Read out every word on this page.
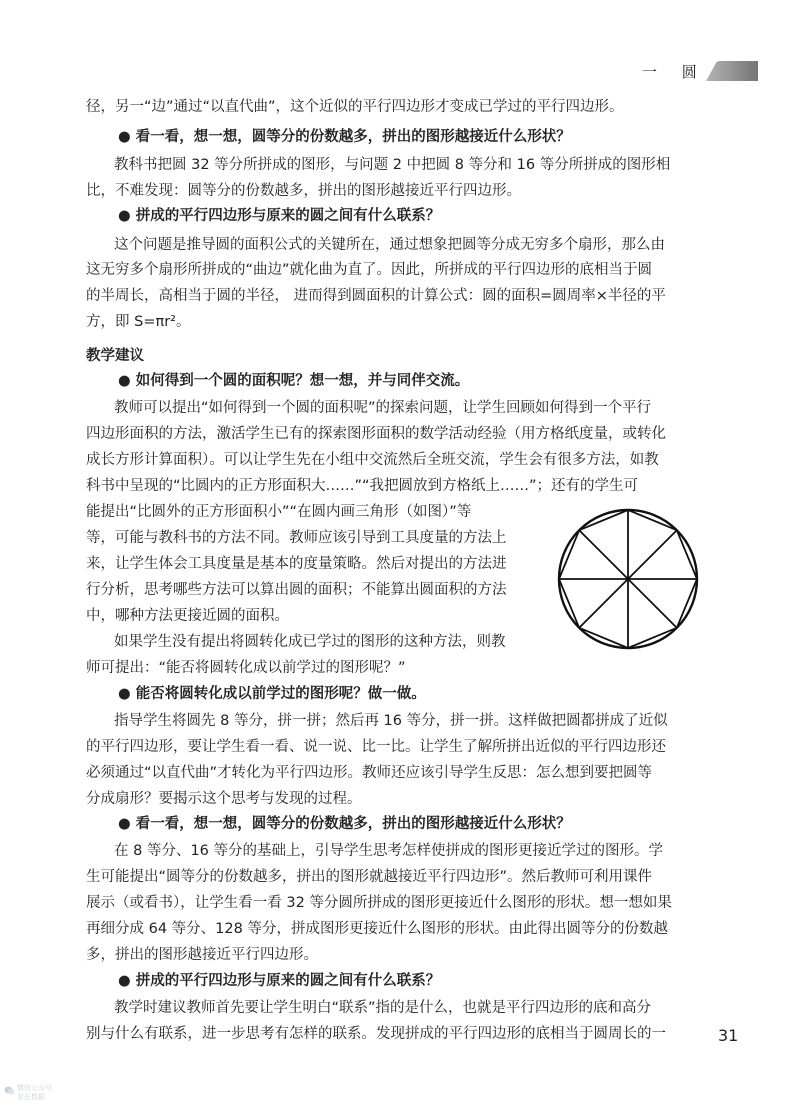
一 圆
径，另一“边”通过“以直代曲”，这个近似的平行四边形才变成已学过的平行四边形。
● 看一看，想一想，圆等分的份数越多，拼出的图形越接近什么形状？
教科书把圆 32 等分所拼成的图形，与问题 2 中把圆 8 等分和 16 等分所拼成的图形相
比，不难发现：圆等分的份数越多，拼出的图形越接近平行四边形。
● 拼成的平行四边形与原来的圆之间有什么联系？
这个问题是推导圆的面积公式的关键所在，通过想象把圆等分成无穷多个扇形，那么由
这无穷多个扇形所拼成的“曲边”就化曲为直了。因此，所拼成的平行四边形的底相当于圆
的半周长，高相当于圆的半径， 进而得到圆面积的计算公式：圆的面积=圆周率×半径的平
方，即 S=πr²。
教学建议
● 如何得到一个圆的面积呢？想一想，并与同伴交流。
教师可以提出“如何得到一个圆的面积呢”的探索问题，让学生回顾如何得到一个平行
四边形面积的方法，激活学生已有的探索图形面积的数学活动经验（用方格纸度量，或转化
成长方形计算面积）。可以让学生先在小组中交流然后全班交流，学生会有很多方法，如教
科书中呈现的“比圆内的正方形面积大……”“我把圆放到方格纸上……”；还有的学生可
能提出“比圆外的正方形面积小”“在圆内画三角形（如图）”等
等，可能与教科书的方法不同。教师应该引导到工具度量的方法上
来，让学生体会工具度量是基本的度量策略。然后对提出的方法进
行分析，思考哪些方法可以算出圆的面积；不能算出圆面积的方法
中，哪种方法更接近圆的面积。
如果学生没有提出将圆转化成已学过的图形的这种方法，则教
师可提出：“能否将圆转化成以前学过的图形呢？”
● 能否将圆转化成以前学过的图形呢？做一做。
指导学生将圆先 8 等分，拼一拼；然后再 16 等分，拼一拼。这样做把圆都拼成了近似
的平行四边形，要让学生看一看、说一说、比一比。让学生了解所拼出近似的平行四边形还
必须通过“以直代曲”才转化为平行四边形。教师还应该引导学生反思：怎么想到要把圆等
分成扇形？要揭示这个思考与发现的过程。
● 看一看，想一想，圆等分的份数越多，拼出的图形越接近什么形状？
在 8 等分、16 等分的基础上，引导学生思考怎样使拼成的图形更接近学过的图形。学
生可能提出“圆等分的份数越多，拼出的图形就越接近平行四边形”。然后教师可利用课件
展示（或看书），让学生看一看 32 等分圆所拼成的图形更接近什么图形的形状。想一想如果
再细分成 64 等分、128 等分，拼成图形更接近什么图形的形状。由此得出圆等分的份数越
多，拼出的图形越接近平行四边形。
● 拼成的平行四边形与原来的圆之间有什么联系？
教学时建议教师首先要让学生明白“联系”指的是什么，也就是平行四边形的底和高分
别与什么有联系，进一步思考有怎样的联系。发现拼成的平行四边形的底相当于圆周长的一	31
微信公众号
家长数据
